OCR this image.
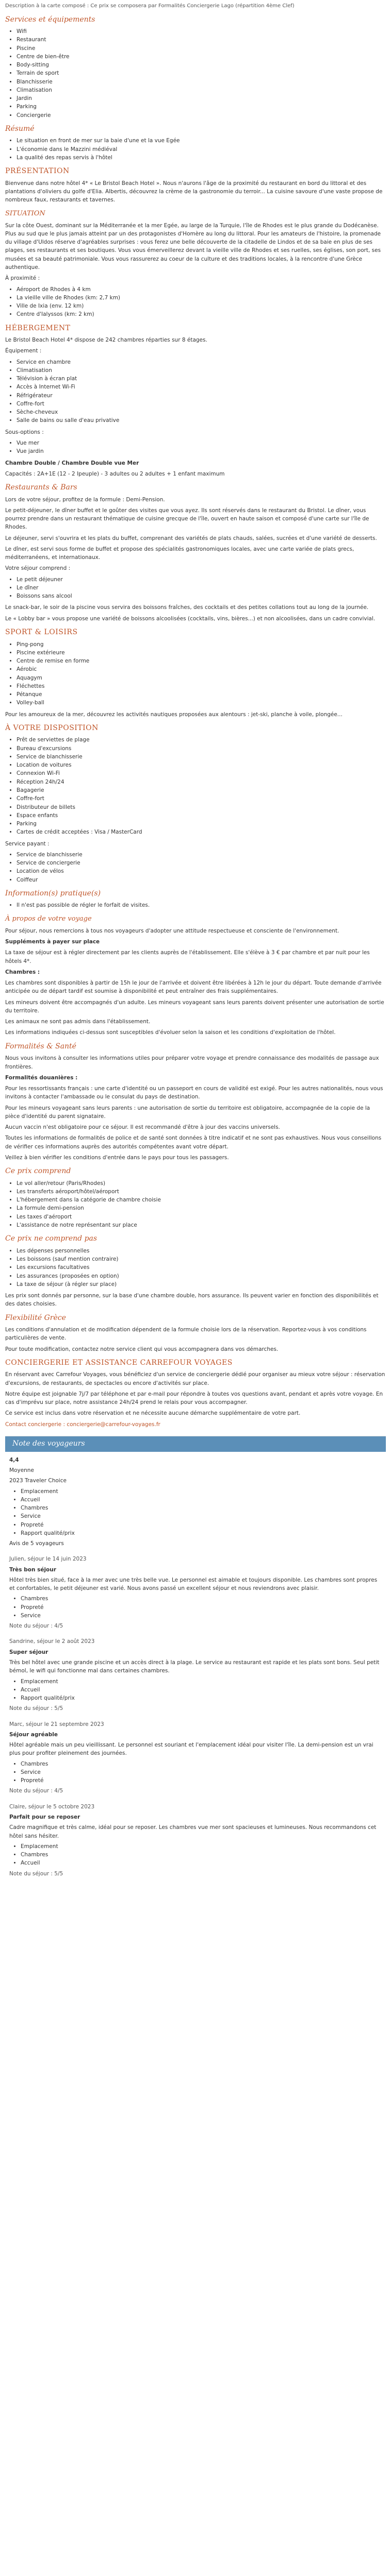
Description à la carte composé : Ce prix se composera par Formalités Conciergerie Lago (répartition 4ème Clef)

Services et équipements
• Wifi
• Restaurant
• Piscine
• Centre de bien-être
• Body-sitting
• Terrain de sport
• Blanchisserie
• Climatisation
• Jardin
• Parking
• Conciergerie
Résumé
• Le situation en front de mer sur la baie d'une et la vue Egée
• L'économie dans le Mazzini médiéval
• La qualité des repas servis à l'hôtel
PRÉSENTATION

Bienvenue dans notre hôtel 4* « Le Bristol Beach Hotel ». Nous n'aurons l'âge de la proximité du restaurant en bord du littoral et des plantations d'oliviers du golfe d'Elia. Albertis, découvrez la crème de la gastronomie du terroir... La cuisine savoure d'une vaste propose de nombreux faux, restaurants et tavernes.

SITUATION

Sur la côte Ouest, dominant sur la Méditerranée et la mer Egée, au large de la Turquie, l'île de Rhodes est le plus grande du Dodécanèse. Plus au sud que le plus jamais atteint par un des protagonistes d'Homère au long du littoral. Pour les amateurs de l'histoire, la promenade du village d'Uldos réserve d'agréables surprises : vous ferez une belle découverte de la citadelle de Lindos et de sa baie en plus de ses plages, ses restaurants et ses boutiques. Vous vous émerveillerez devant la vieille ville de Rhodes et ses ruelles, ses églises, son port, ses musées et sa beauté patrimoniale. Vous vous rassurerez au coeur de la culture et des traditions locales, à la rencontre d'une Grèce authentique.

À proximité :

• Aéroport de Rhodes à 4 km
• La vieille ville de Rhodes (km: 2,7 km)
• Ville de Ixia (env. 12 km)
• Centre d'Ialyssos (km: 2 km)
HÉBERGEMENT

Le Bristol Beach Hotel 4* dispose de 242 chambres réparties sur 8 étages.

Équipement :

• Service en chambre
• Climatisation
• Télévision à écran plat
• Accès à Internet Wi-Fi
• Réfrigérateur
• Coffre-fort
• Sèche-cheveux
• Salle de bains ou salle d'eau privative

Sous-options :

• Vue mer
• Vue jardin

Chambre Double / Chambre Double vue Mer

Capacités : 2A+1E (12 - 2 Ipeuple) - 3 adultes ou 2 adultes + 1 enfant maximum

Restaurants & Bars

Lors de votre séjour, profitez de la formule : Demi-Pension.

Le petit-déjeuner, le dîner buffet et le goûter des visites que vous ayez. Ils sont réservés dans le restaurant du Bristol. Le dîner, vous pourrez prendre dans un restaurant thématique de cuisine grecque de l'île, ouvert en haute saison et composé d'une carte sur l'île de Rhodes.

Le déjeuner, servi s'ouvrira et les plats du buffet, comprenant des variétés de plats chauds, salées, sucrées et d'une variété de desserts.

Le dîner, est servi sous forme de buffet et propose des spécialités gastronomiques locales, avec une carte variée de plats grecs, méditerranéens, et internationaux.

Votre séjour comprend :

• Le petit déjeuner
• Le dîner
• Boissons sans alcool

Le snack-bar, le soir de la piscine vous servira des boissons fraîches, des cocktails et des petites collations tout au long de la journée.

Le « Lobby bar » vous propose une variété de boissons alcoolisées (cocktails, vins, bières...) et non alcoolisées, dans un cadre convivial.

SPORT & LOISIRS
• Ping-pong
• Piscine extérieure
• Centre de remise en forme
• Aérobic
• Aquagym
• Fléchettes
• Pétanque
• Volley-ball

Pour les amoureux de la mer, découvrez les activités nautiques proposées aux alentours : jet-ski, planche à voile, plongée...

À VOTRE DISPOSITION
• Prêt de serviettes de plage
• Bureau d'excursions
• Service de blanchisserie
• Location de voitures
• Connexion Wi-Fi
• Réception 24h/24
• Bagagerie
• Coffre-fort
• Distributeur de billets
• Espace enfants
• Parking
• Cartes de crédit acceptées : Visa / MasterCard

Service payant :

• Service de blanchisserie
• Service de conciergerie
• Location de vélos
• Coiffeur
Information(s) pratique(s)
• Il n'est pas possible de régler le forfait de visites.
À propos de votre voyage

Pour séjour, nous remercions à tous nos voyageurs d'adopter une attitude respectueuse et consciente de l'environnement.

Suppléments à payer sur place

La taxe de séjour est à régler directement par les clients auprès de l'établissement. Elle s'élève à 3 € par chambre et par nuit pour les hôtels 4*.

Chambres :

Les chambres sont disponibles à partir de 15h le jour de l'arrivée et doivent être libérées à 12h le jour du départ. Toute demande d'arrivée anticipée ou de départ tardif est soumise à disponibilité et peut entraîner des frais supplémentaires.

Les mineurs doivent être accompagnés d'un adulte. Les mineurs voyageant sans leurs parents doivent présenter une autorisation de sortie du territoire.

Les animaux ne sont pas admis dans l'établissement.

Les informations indiquées ci-dessus sont susceptibles d'évoluer selon la saison et les conditions d'exploitation de l'hôtel.

Formalités & Santé

Nous vous invitons à consulter les informations utiles pour préparer votre voyage et prendre connaissance des modalités de passage aux frontières.

Formalités douanières :

Pour les ressortissants français : une carte d'identité ou un passeport en cours de validité est exigé. Pour les autres nationalités, nous vous invitons à contacter l'ambassade ou le consulat du pays de destination.

Pour les mineurs voyageant sans leurs parents : une autorisation de sortie du territoire est obligatoire, accompagnée de la copie de la pièce d'identité du parent signataire.

Aucun vaccin n'est obligatoire pour ce séjour. Il est recommandé d'être à jour des vaccins universels.

Toutes les informations de formalités de police et de santé sont données à titre indicatif et ne sont pas exhaustives. Nous vous conseillons de vérifier ces informations auprès des autorités compétentes avant votre départ.

Veillez à bien vérifier les conditions d'entrée dans le pays pour tous les passagers.

Ce prix comprend
• Le vol aller/retour (Paris/Rhodes)
• Les transferts aéroport/hôtel/aéroport
• L'hébergement dans la catégorie de chambre choisie
• La formule demi-pension
• Les taxes d'aéroport
• L'assistance de notre représentant sur place
Ce prix ne comprend pas
• Les dépenses personnelles
• Les boissons (sauf mention contraire)
• Les excursions facultatives
• Les assurances (proposées en option)
• La taxe de séjour (à régler sur place)

Les prix sont donnés par personne, sur la base d'une chambre double, hors assurance. Ils peuvent varier en fonction des disponibilités et des dates choisies.

Flexibilité Grèce

Les conditions d'annulation et de modification dépendent de la formule choisie lors de la réservation. Reportez-vous à vos conditions particulières de vente.

Pour toute modification, contactez notre service client qui vous accompagnera dans vos démarches.

CONCIERGERIE ET ASSISTANCE CARREFOUR VOYAGES

En réservant avec Carrefour Voyages, vous bénéficiez d'un service de conciergerie dédié pour organiser au mieux votre séjour : réservation d'excursions, de restaurants, de spectacles ou encore d'activités sur place.

Notre équipe est joignable 7j/7 par téléphone et par e-mail pour répondre à toutes vos questions avant, pendant et après votre voyage. En cas d'imprévu sur place, notre assistance 24h/24 prend le relais pour vous accompagner.

Ce service est inclus dans votre réservation et ne nécessite aucune démarche supplémentaire de votre part.

Contact conciergerie : conciergerie@carrefour-voyages.fr

Note des voyageurs

4,4

Moyenne

2023 Traveler Choice

• Emplacement
• Accueil
• Chambres
• Service
• Propreté
• Rapport qualité/prix

Avis de 5 voyageurs

Julien, séjour le 14 juin 2023

Très bon séjour

Hôtel très bien situé, face à la mer avec une très belle vue. Le personnel est aimable et toujours disponible. Les chambres sont propres et confortables, le petit déjeuner est varié. Nous avons passé un excellent séjour et nous reviendrons avec plaisir.

• Chambres
• Propreté
• Service

Note du séjour : 4/5

Sandrine, séjour le 2 août 2023

Super séjour

Très bel hôtel avec une grande piscine et un accès direct à la plage. Le service au restaurant est rapide et les plats sont bons. Seul petit bémol, le wifi qui fonctionne mal dans certaines chambres.

• Emplacement
• Accueil
• Rapport qualité/prix

Note du séjour : 5/5

Marc, séjour le 21 septembre 2023

Séjour agréable

Hôtel agréable mais un peu vieillissant. Le personnel est souriant et l'emplacement idéal pour visiter l'île. La demi-pension est un vrai plus pour profiter pleinement des journées.

• Chambres
• Service
• Propreté

Note du séjour : 4/5

Claire, séjour le 5 octobre 2023

Parfait pour se reposer

Cadre magnifique et très calme, idéal pour se reposer. Les chambres vue mer sont spacieuses et lumineuses. Nous recommandons cet hôtel sans hésiter.

• Emplacement
• Chambres
• Accueil

Note du séjour : 5/5
